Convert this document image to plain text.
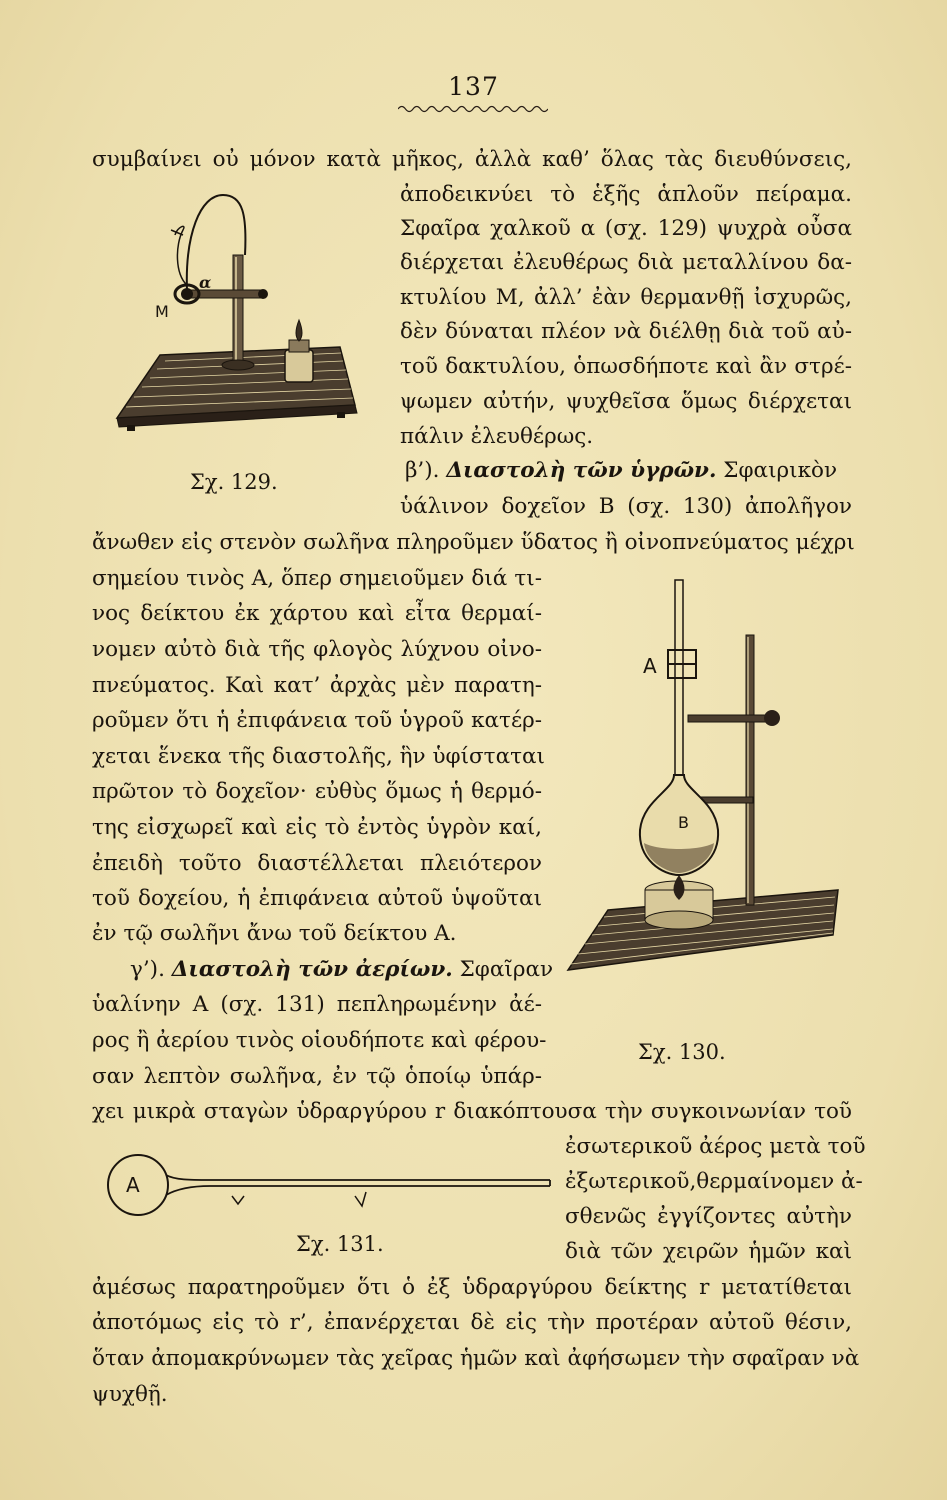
137
συμβαίνει οὐ μόνον κατὰ μῆκος, ἀλλὰ καθ’ ὅλας τὰς διευθύνσεις,
ἀποδεικνύει τὸ ἑξῆς ἁπλοῦν πείραμα.
Σφαῖρα χαλκοῦ α (σχ. 129) ψυχρὰ οὖσα
διέρχεται ἐλευθέρως διὰ μεταλλίνου δα-
κτυλίου Μ, ἀλλ’ ἐὰν θερμανθῇ ἰσχυρῶς,
δὲν δύναται πλέον νὰ διέλθῃ διὰ τοῦ αὐ-
τοῦ δακτυλίου, ὁπωσδήποτε καὶ ἂν στρέ-
ψωμεν αὐτήν, ψυχθεῖσα ὅμως διέρχεται
πάλιν ἐλευθέρως.
β’). Διαστολὴ τῶν ὑγρῶν. Σφαιρικὸν
ὑάλινον δοχεῖον Β (σχ. 130) ἀπολῆγον
ἄνωθεν εἰς στενὸν σωλῆνα πληροῦμεν ὕδατος ἢ οἰνοπνεύματος μέχρι
σημείου τινὸς Α, ὅπερ σημειοῦμεν διά τι-
νος δείκτου ἐκ χάρτου καὶ εἶτα θερμαί-
νομεν αὐτὸ διὰ τῆς φλογὸς λύχνου οἰνο-
πνεύματος. Καὶ κατ’ ἀρχὰς μὲν παρατη-
ροῦμεν ὅτι ἡ ἐπιφάνεια τοῦ ὑγροῦ κατέρ-
χεται ἕνεκα τῆς διαστολῆς, ἣν ὑφίσταται
πρῶτον τὸ δοχεῖον· εὐθὺς ὅμως ἡ θερμό-
της εἰσχωρεῖ καὶ εἰς τὸ ἐντὸς ὑγρὸν καί,
ἐπειδὴ τοῦτο διαστέλλεται πλειότερον
τοῦ δοχείου, ἡ ἐπιφάνεια αὐτοῦ ὑψοῦται
ἐν τῷ σωλῆνι ἄνω τοῦ δείκτου Α.
γ’). Διαστολὴ τῶν ἀερίων. Σφαῖραν
ὑαλίνην Α (σχ. 131) πεπληρωμένην ἀέ-
ρος ἢ ἀερίου τινὸς οἱουδήποτε καὶ φέρου-
σαν λεπτὸν σωλῆνα, ἐν τῷ ὁποίῳ ὑπάρ-
χει μικρὰ σταγὼν ὑδραργύρου r διακόπτουσα τὴν συγκοινωνίαν τοῦ
ἐσωτερικοῦ ἀέρος μετὰ τοῦ
ἐξωτερικοῦ,θερμαίνομεν ἀ-
σθενῶς ἐγγίζοντες αὐτὴν
διὰ τῶν χειρῶν ἡμῶν καὶ
ἀμέσως παρατηροῦμεν ὅτι ὁ ἐξ ὑδραργύρου δείκτης r μετατίθεται
ἀποτόμως εἰς τὸ r’, ἐπανέρχεται δὲ εἰς τὴν προτέραν αὐτοῦ θέσιν,
ὅταν ἀπομακρύνωμεν τὰς χεῖρας ἡμῶν καὶ ἀφήσωμεν τὴν σφαῖραν νὰ
ψυχθῇ.
α
M
Σχ. 129.
A
B
Σχ. 130.
A
Σχ. 131.
